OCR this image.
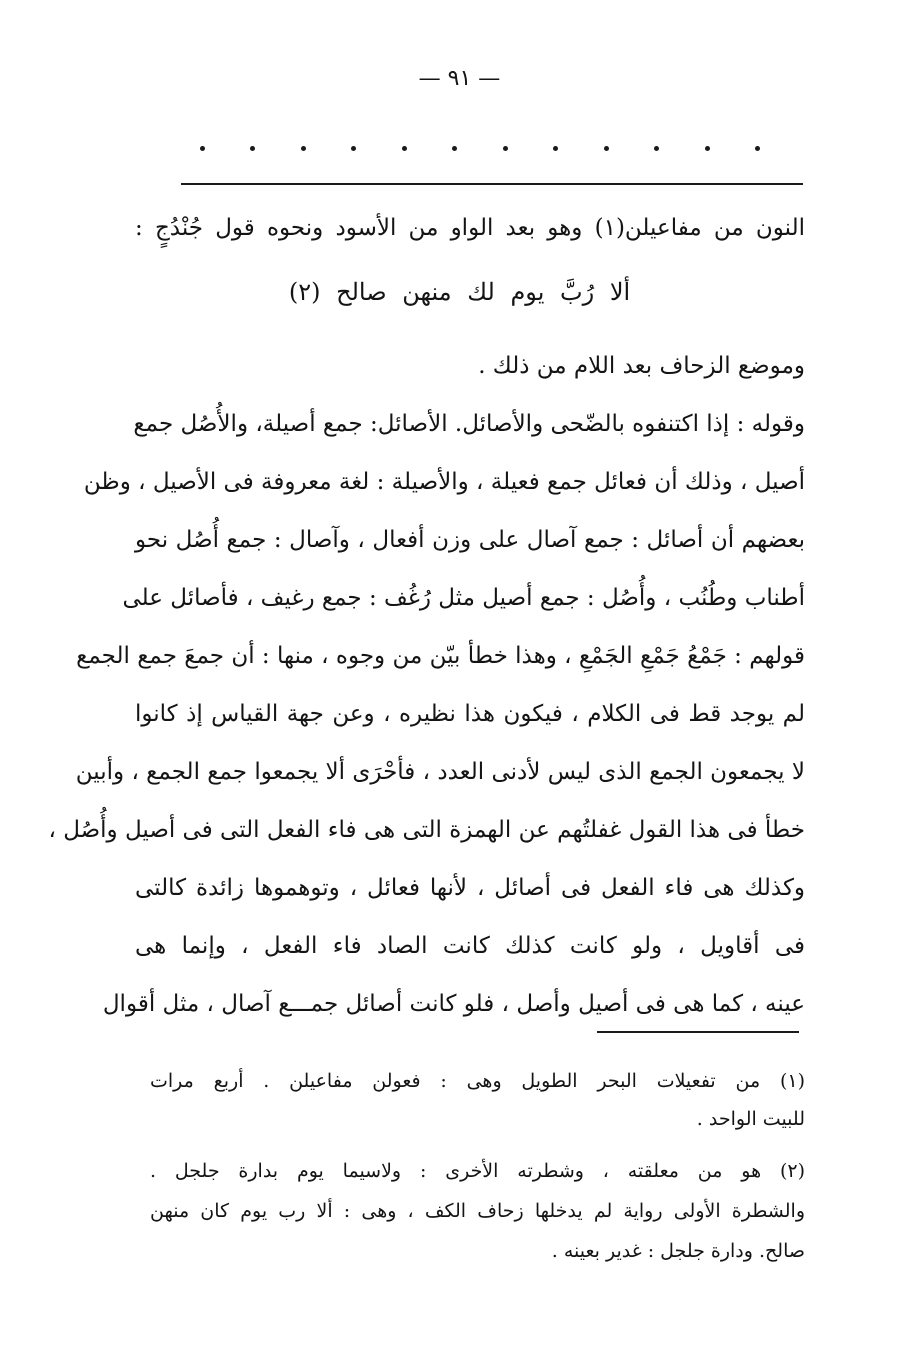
— ٩١ —
النون من مفاعيلن(١) وهو بعد الواو من الأسود ونحوه قول جُنْدُجٍ :
ألا رُبَّ يوم لك منهن صالح (٢)
وموضع الزحاف بعد اللام من ذلك .
وقوله : إذا اكتنفوه بالضّحى والأصائل. الأصائل: جمع أصيلة، والأُصُل جمع
أصيل ، وذلك أن فعائل جمع فعيلة ، والأصيلة : لغة معروفة فى الأصيل ، وظن
بعضهم أن أصائل : جمع آصال على وزن أفعال ، وآصال : جمع أُصُل نحو
أطناب وطُنُب ، وأُصُل : جمع أصيل مثل رُغُف : جمع رغيف ، فأصائل على
قولهم : جَمْعُ جَمْعِ الجَمْعِ ، وهذا خطأ بيّن من وجوه ، منها : أن جمعَ جمع الجمع
لم يوجد قط فى الكلام ، فيكون هذا نظيره ، وعن جهة القياس إذ كانوا
لا يجمعون الجمع الذى ليس لأدنى العدد ، فأحْرَى ألا يجمعوا جمع الجمع ، وأبين
خطأ فى هذا القول غفلتُهم عن الهمزة التى هى فاء الفعل التى فى أصيل وأُصُل ،
وكذلك هى فاء الفعل فى أصائل ، لأنها فعائل ، وتوهموها زائدة كالتى
فى أقاويل ، ولو كانت كذلك كانت الصاد فاء الفعل ، وإنما هى
عينه ، كما هى فى أصيل وأصل ، فلو كانت أصائل جمـــع آصال ، مثل أقوال
(١) من تفعيلات البحر الطويل وهى : فعولن مفاعيلن . أربع مرات
للبيت الواحد .
(٢) هو من معلقته ، وشطرته الأخرى : ولاسيما يوم بدارة جلجل .
والشطرة الأولى رواية لم يدخلها زحاف الكف ، وهى : ألا رب يوم كان منهن
صالح. ودارة جلجل : غدير بعينه .
